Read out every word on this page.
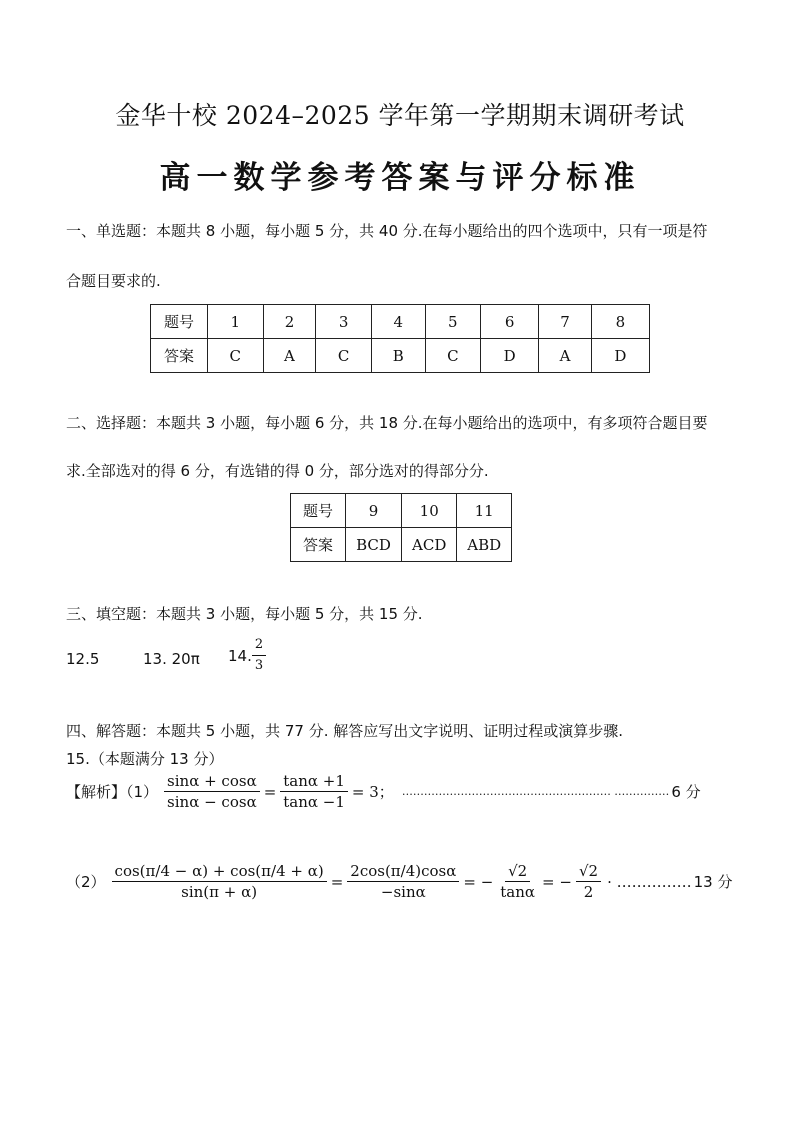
金华十校 2024–2025 学年第一学期期末调研考试
高一数学参考答案与评分标准
一、单选题：本题共 8 小题，每小题 5 分，共 40 分.在每小题给出的四个选项中，只有一项是符
合题目要求的.
题号	1	2	3	4	5	6	7	8
答案	C	A	C	B	C	D	A	D
二、选择题：本题共 3 小题，每小题 6 分，共 18 分.在每小题给出的选项中，有多项符合题目要
求.全部选对的得 6 分，有选错的得 0 分，部分选对的得部分分.
题号	9	10	11
答案	BCD	ACD	ABD
三、填空题：本题共 3 小题，每小题 5 分，共 15 分.
12.5	13. 20π 14. $\frac{2}{3}$
四、解答题：本题共 5 小题，共 77 分. 解答应写出文字说明、证明过程或演算步骤.
15.（本题满分 13 分）
【解析】$(1) \frac{\sin\alpha + \cos\alpha}{\sin\alpha - \cos\alpha} = \frac{\tan\alpha +1}{\tan\alpha -1} = 3$； ………………………………………………… …………… 6 分
$(2) \frac{\cos(\pi/4 - \alpha) + \cos(\pi/4 + \alpha)}{\sin(\pi + \alpha)} = \frac{2\cos(\pi/4)\cos\alpha}{-\sin\alpha}$ = − $\frac{√2}{\tan\alpha}$ = − $\frac{√2}{2}$ · …………… 13 分
